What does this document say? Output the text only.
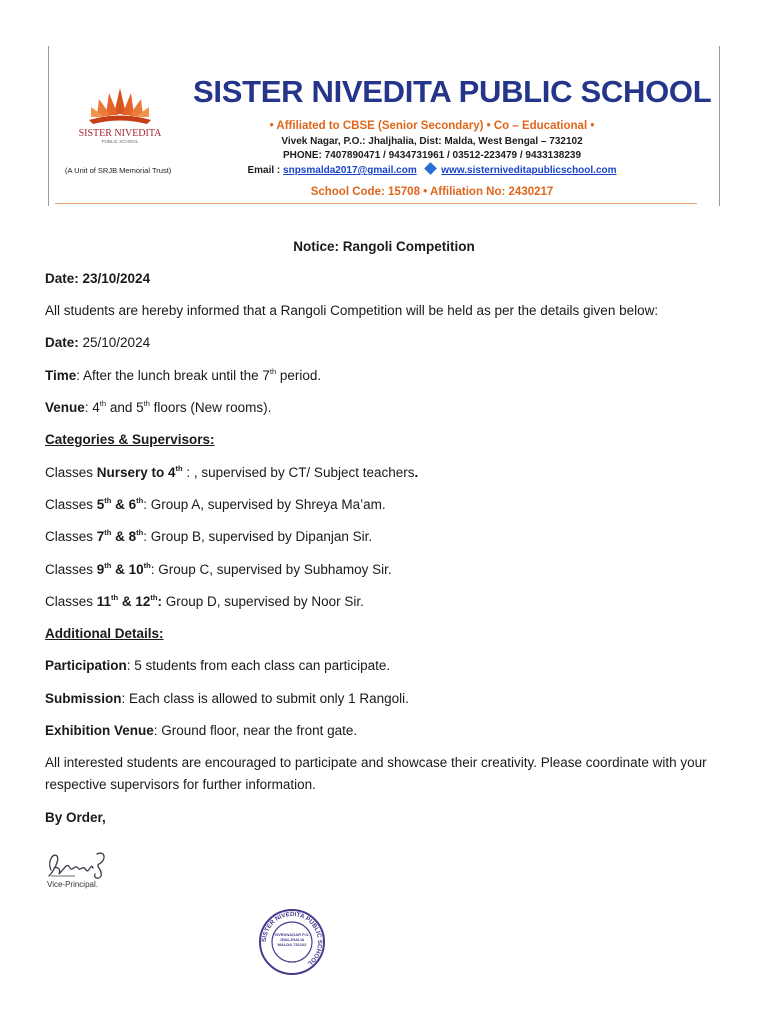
SISTER NIVEDITA
PUBLIC SCHOOL
(A Unit of SRJB Memorial Trust)
SISTER NIVEDITA PUBLIC SCHOOL
• Affiliated to CBSE (Senior Secondary) • Co – Educational •
Vivek Nagar, P.O.: Jhaljhalia, Dist: Malda, West Bengal – 732102
PHONE: 7407890471 / 9434731961 / 03512-223479 / 9433138239
Email : snpsmalda2017@gmail.com www.sisterniveditapublicschool.com
School Code: 15708 • Affiliation No: 2430217

Notice: Rangoli Competition

Date: 23/10/2024

All students are hereby informed that a Rangoli Competition will be held as per the details given below:

Date: 25/10/2024

Time: After the lunch break until the 7th period.

Venue: 4th and 5th floors (New rooms).

Categories & Supervisors:

Classes Nursery to 4th : , supervised by CT/ Subject teachers.

Classes 5th & 6th: Group A, supervised by Shreya Ma’am.

Classes 7th & 8th: Group B, supervised by Dipanjan Sir.

Classes 9th & 10th: Group C, supervised by Subhamoy Sir.

Classes 11th & 12th: Group D, supervised by Noor Sir.

Additional Details:

Participation: 5 students from each class can participate.

Submission: Each class is allowed to submit only 1 Rangoli.

Exhibition Venue: Ground floor, near the front gate.

All interested students are encouraged to participate and showcase their creativity. Please coordinate with your respective supervisors for further information.

By Order,

Vice-Principal.
SISTER NIVEDITA PUBLIC SCHOOL
VIVEKNAGAR P.O. JHALJHALIA MALDA 732102
